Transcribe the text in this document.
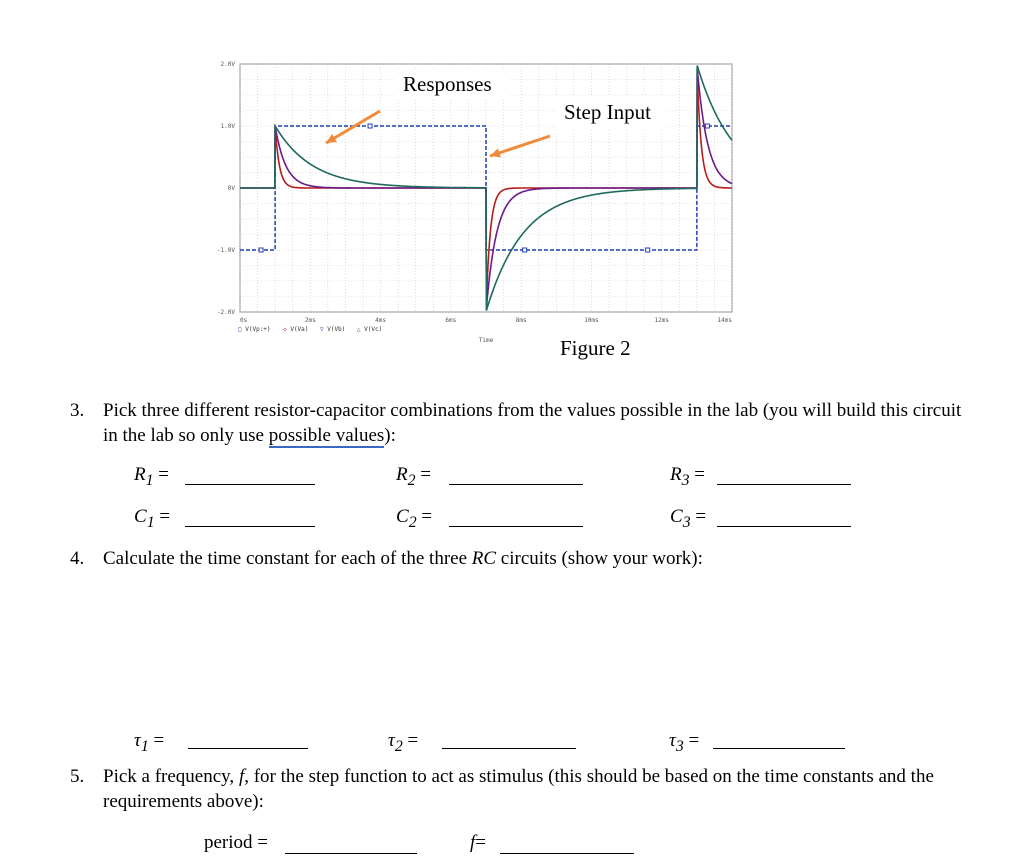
2.0V
1.0V
0V
-1.0V
-2.0V
0s	2ms	4ms	6ms	8ms	10ms	12ms	14ms
Time
□ V(Vp:+) ◇ V(Va) ▽ V(Vb) △ V(Vc)
Responses
Step Input
Figure 2
3. Pick three different resistor-capacitor combinations from the values possible in the lab (you will build this circuit in the lab so only use possible values):
$R_1$ =	$R_2$ =	$R_3$ =
$C_1$ =	$C_2$ =	$C_3$ =
4. Calculate the time constant for each of the three RC circuits (show your work):
$\tau_1$ =	$\tau_2$ =	$\tau_3$ =
5. Pick a frequency, f, for the step function to act as stimulus (this should be based on the time constants and the requirements above):
period =	f=
